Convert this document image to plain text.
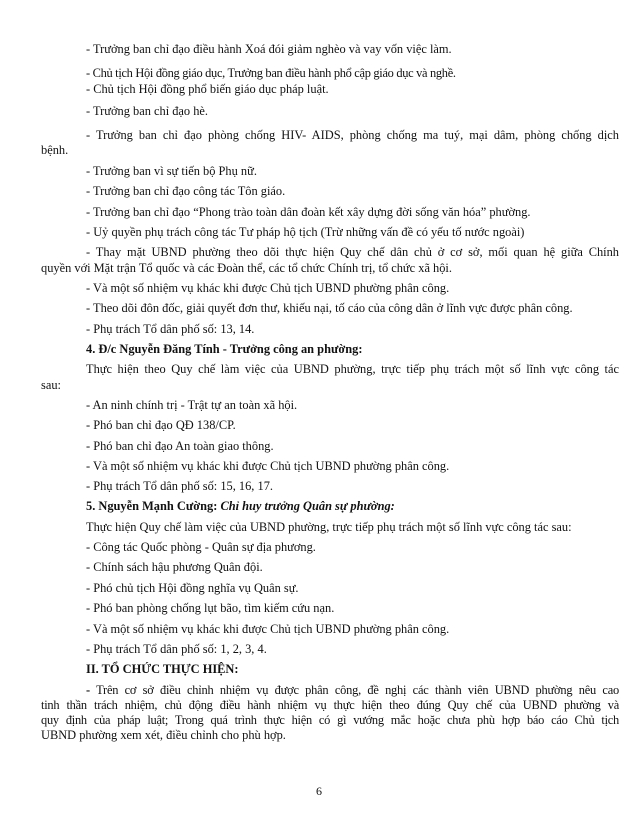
- Trưởng ban chỉ đạo điều hành Xoá đói giảm nghèo và vay vốn việc làm.
- Chủ tịch Hội đồng giáo dục, Trưởng ban điều hành phổ cập giáo dục và nghề.
- Chủ tịch Hội đồng phổ biến giáo dục pháp luật.
- Trưởng ban chỉ đạo hè.
- Trưởng ban chỉ đạo phòng chống HIV- AIDS, phòng chống ma tuý, mại dâm, phòng chống dịch
bệnh.
- Trưởng ban vì sự tiến bộ Phụ nữ.
- Trưởng ban chỉ đạo công tác Tôn giáo.
- Trưởng ban chỉ đạo “Phong trào toàn dân đoàn kết xây dựng đời sống văn hóa” phường.
- Uỷ quyền phụ trách công tác Tư pháp hộ tịch (Trừ những vấn đề có yếu tố nước ngoài)
- Thay mặt UBND phường theo dõi thực hiện Quy chế dân chủ ở cơ sở, mối quan hệ giữa Chính
quyền với Mặt trận Tổ quốc và các Đoàn thể, các tổ chức Chính trị, tổ chức xã hội.
- Và một số nhiệm vụ khác khi được Chủ tịch UBND phường phân công.
- Theo dõi đôn đốc, giải quyết đơn thư, khiếu nại, tố cáo của công dân ở lĩnh vực được phân công.
- Phụ trách Tổ dân phố số: 13, 14.
4. Đ/c Nguyễn Đăng Tính - Trưởng công an phường:
Thực hiện theo Quy chế làm việc của UBND phường, trực tiếp phụ trách một số lĩnh vực công tác
sau:
- An ninh chính trị - Trật tự an toàn xã hội.
- Phó ban chỉ đạo QĐ 138/CP.
- Phó ban chỉ đạo An toàn giao thông.
- Và một số nhiệm vụ khác khi được Chủ tịch UBND phường phân công.
- Phụ trách Tổ dân phố số: 15, 16, 17.
5. Nguyễn Mạnh Cường: Chỉ huy trưởng Quân sự phường:
Thực hiện Quy chế làm việc của UBND phường, trực tiếp phụ trách một số lĩnh vực công tác sau:
- Công tác Quốc phòng - Quân sự địa phương.
- Chính sách hậu phương Quân đội.
- Phó chủ tịch Hội đồng nghĩa vụ Quân sự.
- Phó ban phòng chống lụt bão, tìm kiếm cứu nạn.
- Và một số nhiệm vụ khác khi được Chủ tịch UBND phường phân công.
- Phụ trách Tổ dân phố số: 1, 2, 3, 4.
II. TỔ CHỨC THỰC HIỆN:
- Trên cơ sở điều chỉnh nhiệm vụ được phân công, đề nghị các thành viên UBND phường nêu cao
tinh thần trách nhiệm, chủ động điều hành nhiệm vụ thực hiện theo đúng Quy chế của UBND phường và
quy định của pháp luật; Trong quá trình thực hiện có gì vướng mắc hoặc chưa phù hợp báo cáo Chủ tịch
UBND phường xem xét, điều chỉnh cho phù hợp.
6
